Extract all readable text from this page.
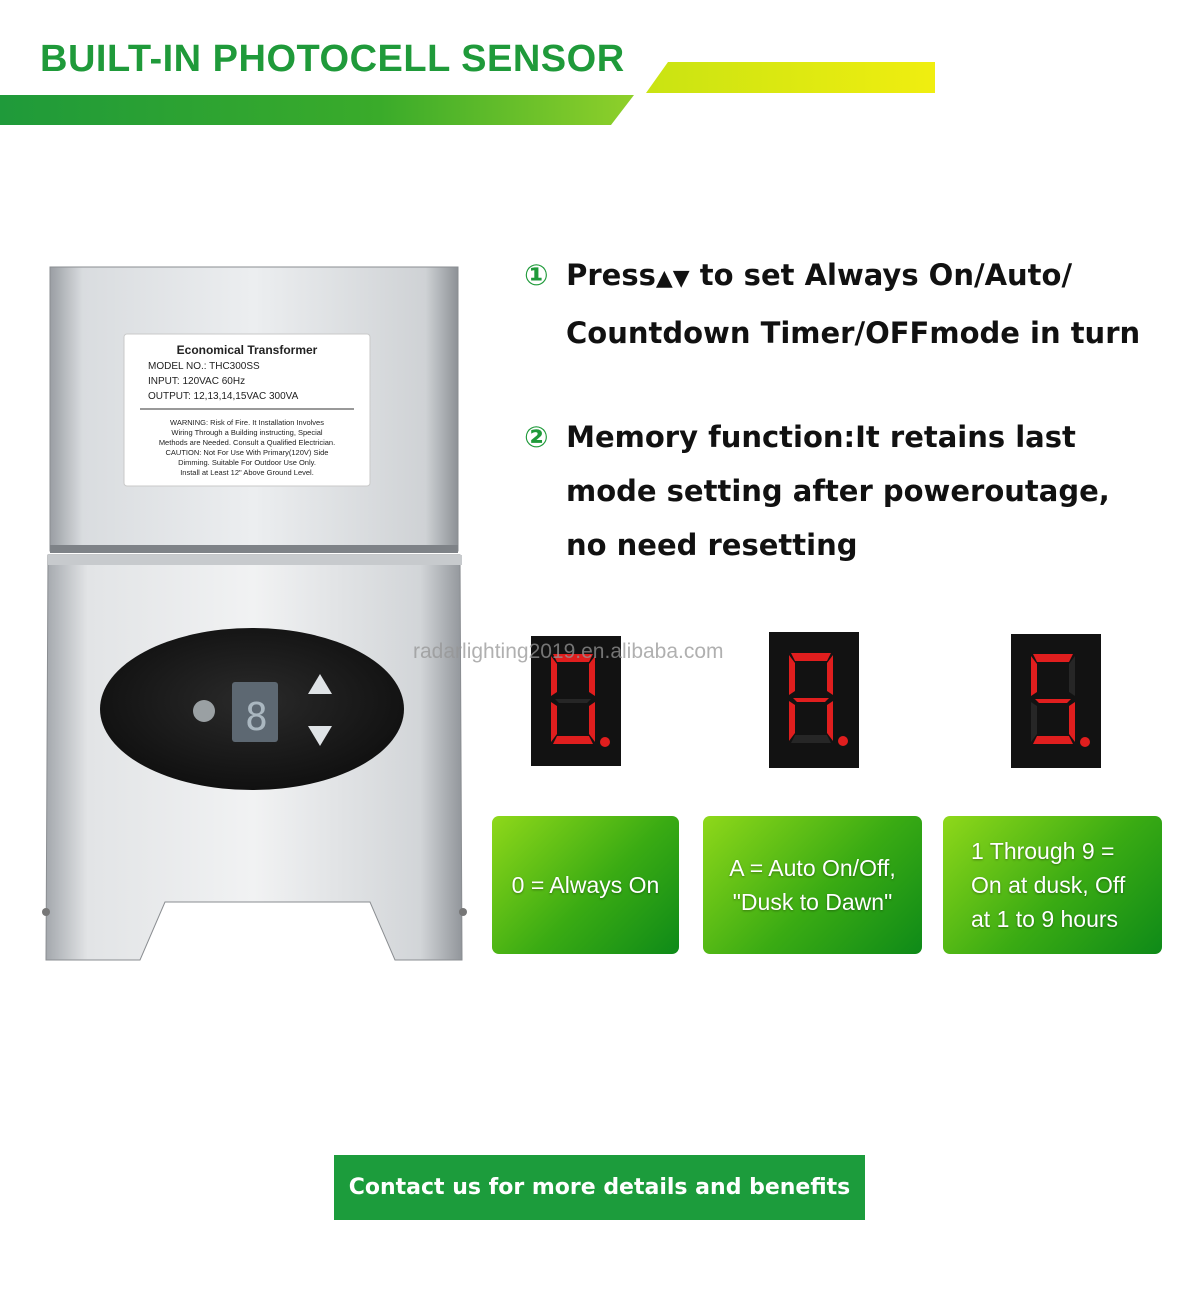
BUILT-IN PHOTOCELL SENSOR
8
Economical Transformer
MODEL NO.: THC300SS
INPUT: 120VAC 60Hz
OUTPUT: 12,13,14,15VAC 300VA
WARNING: Risk of Fire. It Installation Involves
Wiring Through a Building instructing, Special
Methods are Needed. Consult a Qualified Electrician.
CAUTION: Not For Use With Primary(120V) Side
Dimming. Suitable For Outdoor Use Only.
Install at Least 12" Above Ground Level.
① Press▲▼ to set Always On/Auto/
Countdown Timer/OFFmode in turn
② Memory function:It retains last
mode setting after poweroutage,
no need resetting
radarlighting2019.en.alibaba.com
0 = Always On
A = Auto On/Off,
"Dusk to Dawn"
1 Through 9 =
On at dusk, Off
at 1 to 9 hours
Contact us for more details and benefits
